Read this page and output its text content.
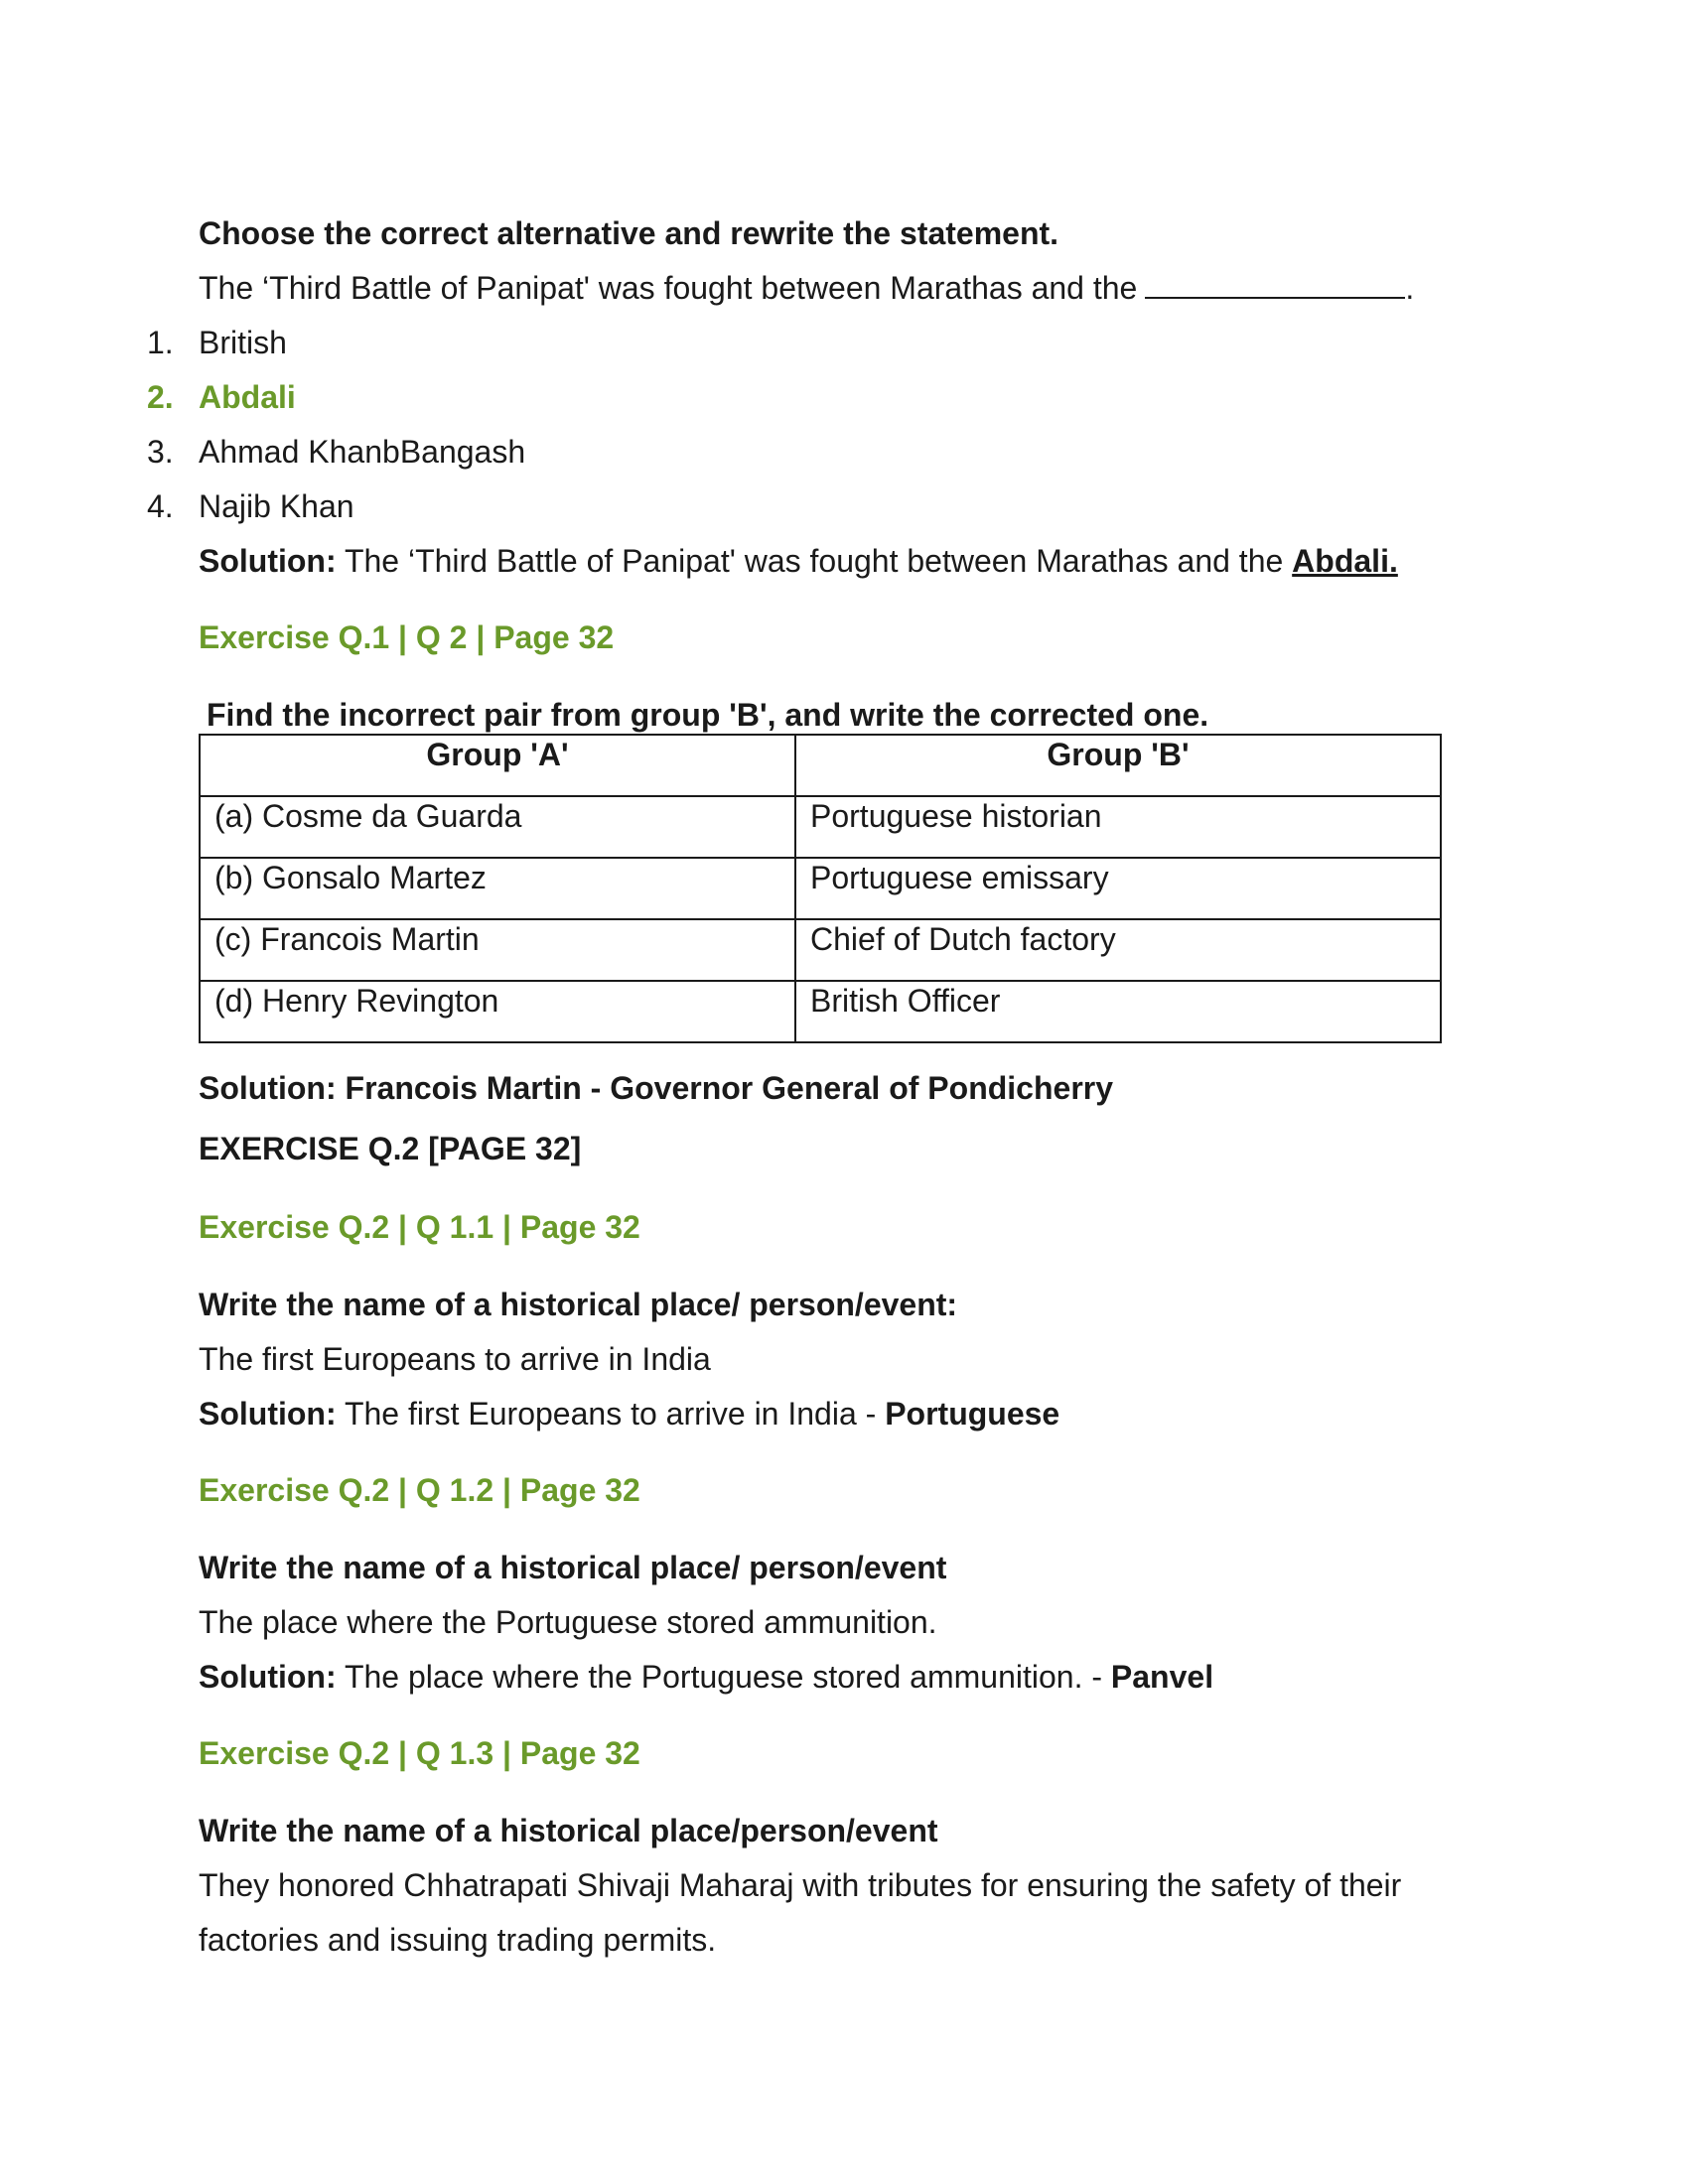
Choose the correct alternative and rewrite the statement.
The ‘Third Battle of Panipat' was fought between Marathas and the	.
1. British
2. Abdali
3. Ahmad KhanbBangash
4. Najib Khan
Solution: The ‘Third Battle of Panipat' was fought between Marathas and the Abdali.
Exercise Q.1 | Q 2 | Page 32
Find the incorrect pair from group 'B', and write the corrected one.
Group 'A'	Group 'B'
(a) Cosme da Guarda	Portuguese historian
(b) Gonsalo Martez	Portuguese emissary
(c) Francois Martin	Chief of Dutch factory
(d) Henry Revington	British Officer
Solution: Francois Martin - Governor General of Pondicherry
EXERCISE Q.2 [PAGE 32]
Exercise Q.2 | Q 1.1 | Page 32
Write the name of a historical place/ person/event:
The first Europeans to arrive in India
Solution: The first Europeans to arrive in India - Portuguese
Exercise Q.2 | Q 1.2 | Page 32
Write the name of a historical place/ person/event
The place where the Portuguese stored ammunition.
Solution: The place where the Portuguese stored ammunition. - Panvel
Exercise Q.2 | Q 1.3 | Page 32
Write the name of a historical place/person/event
They honored Chhatrapati Shivaji Maharaj with tributes for ensuring the safety of their
factories and issuing trading permits.
